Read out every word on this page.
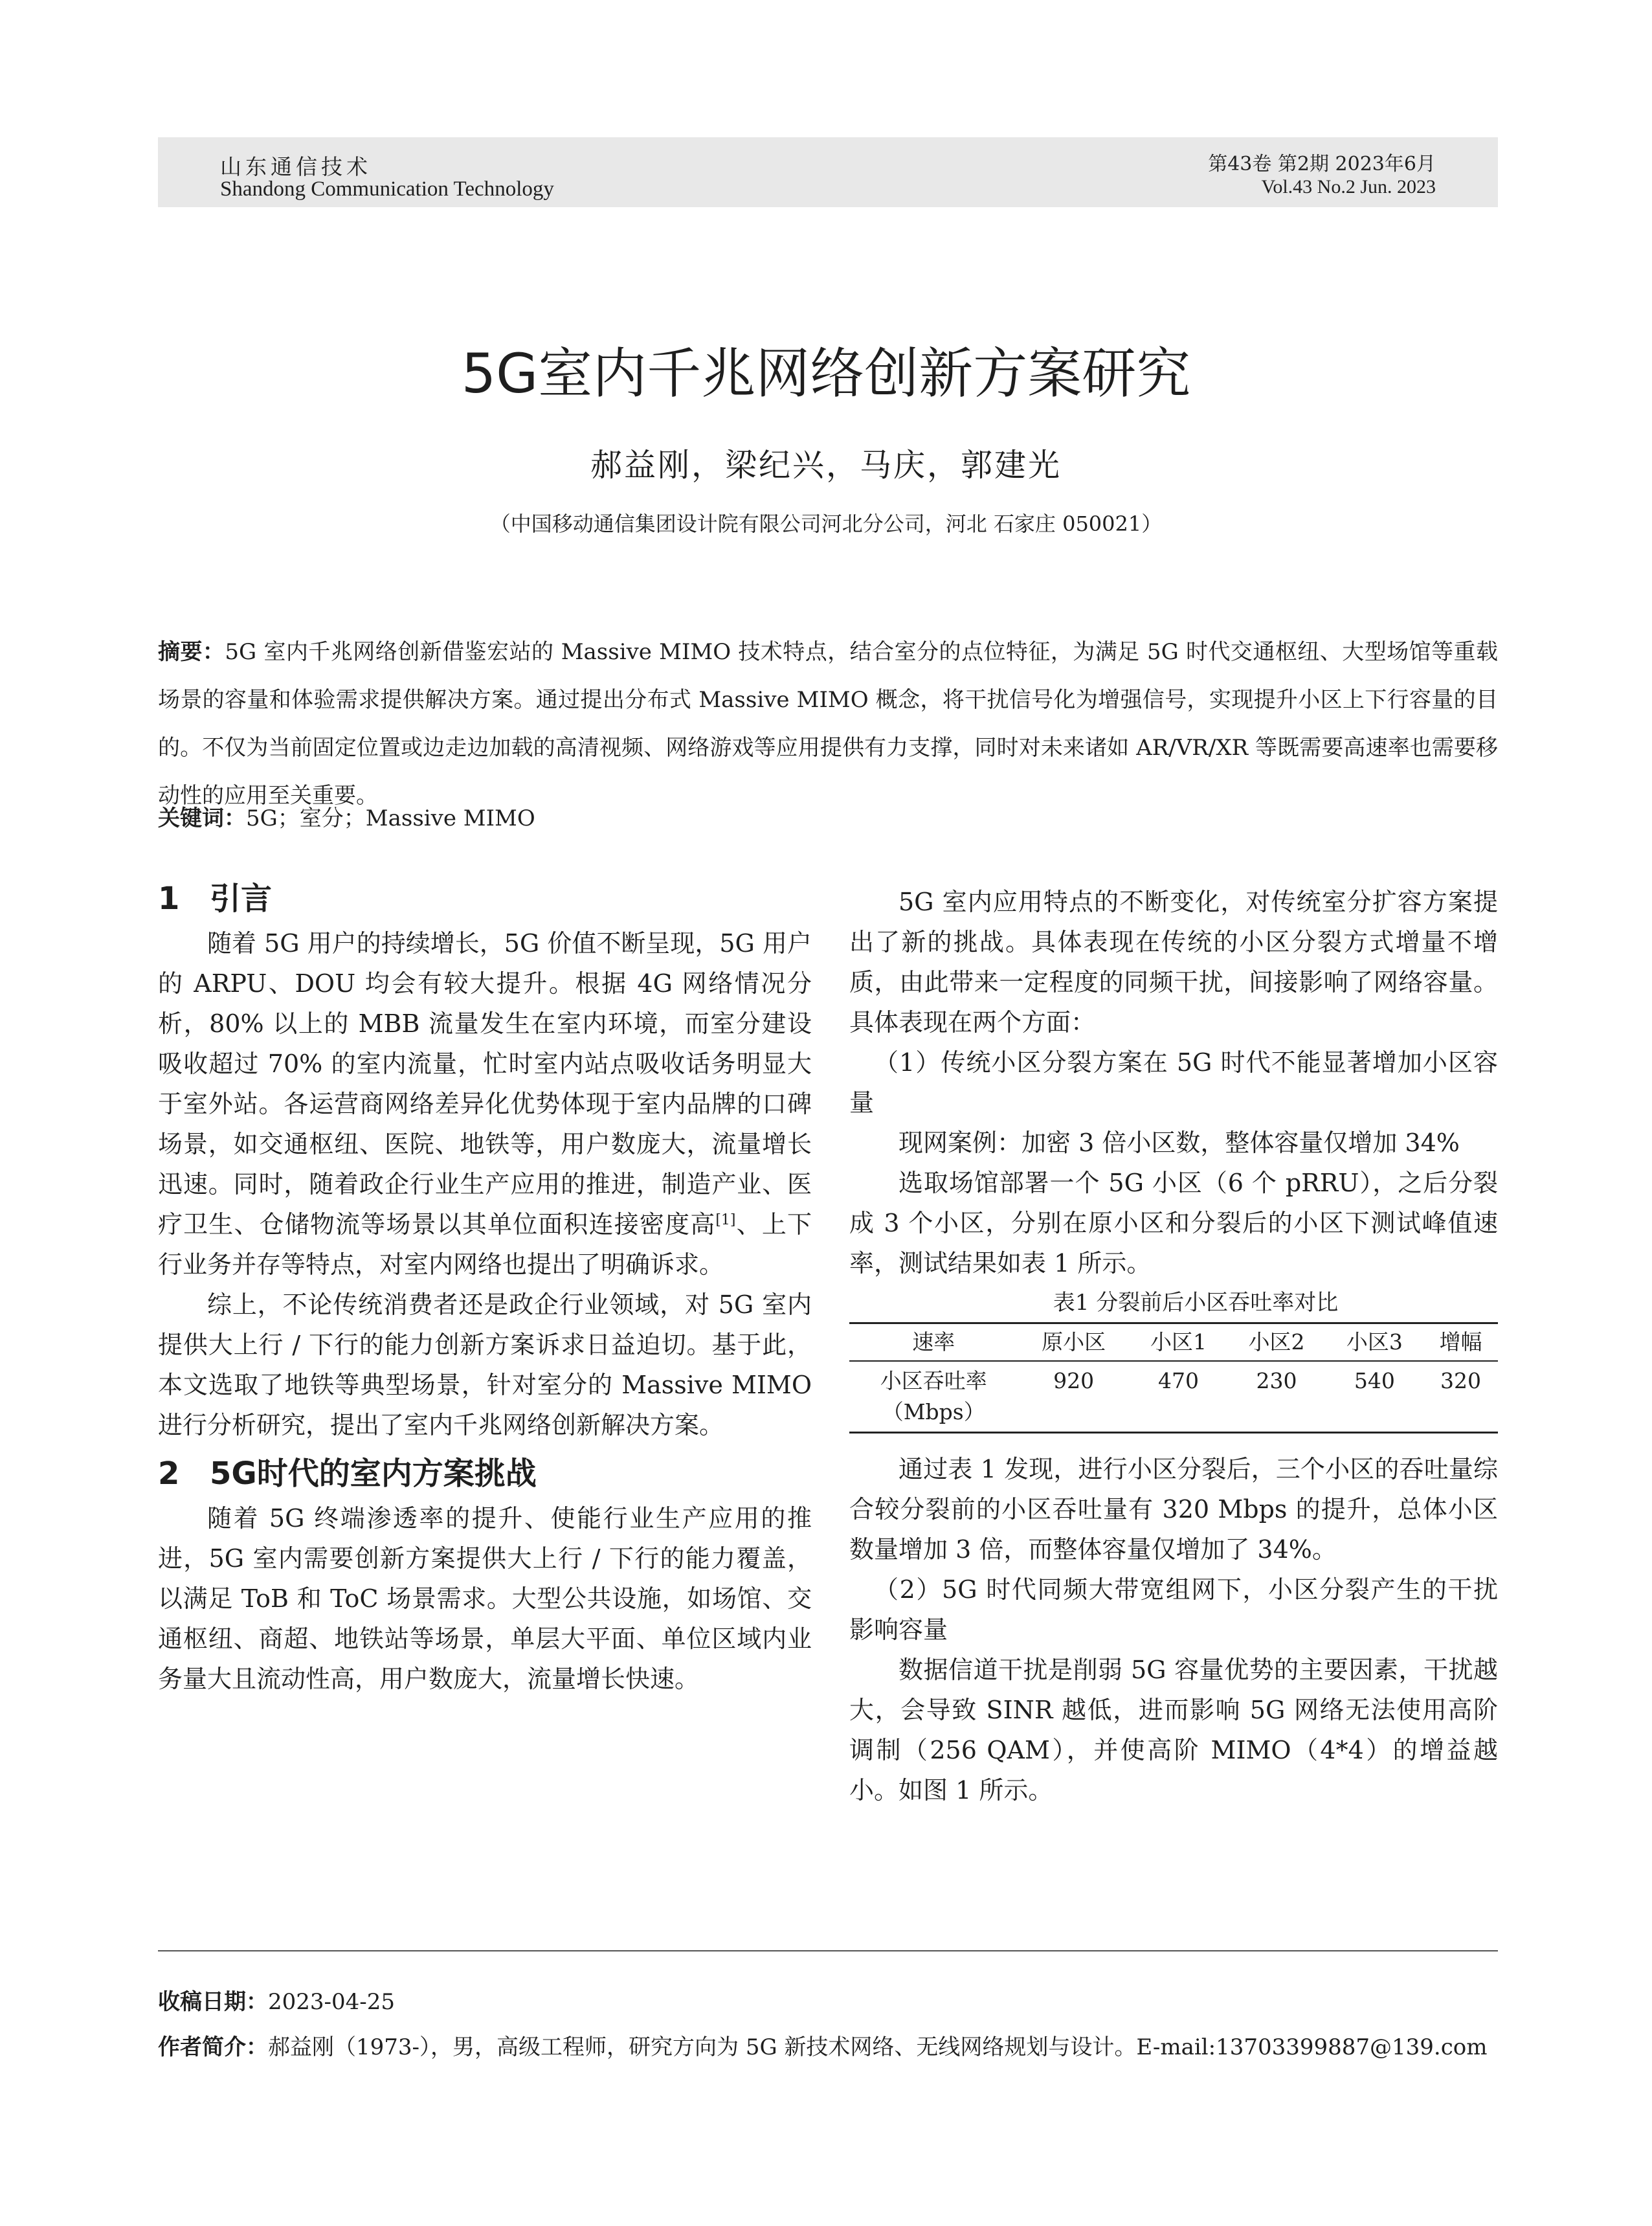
山东通信技术
Shandong Communication Technology
第43卷 第2期 2023年6月
Vol.43 No.2 Jun. 2023
5G室内千兆网络创新方案研究
郝益刚，梁纪兴，马庆，郭建光
（中国移动通信集团设计院有限公司河北分公司，河北 石家庄 050021）
摘要：5G 室内千兆网络创新借鉴宏站的 Massive MIMO 技术特点，结合室分的点位特征，为满足 5G 时代交通枢纽、大型场馆等重载场景的容量和体验需求提供解决方案。通过提出分布式 Massive MIMO 概念，将干扰信号化为增强信号，实现提升小区上下行容量的目的。不仅为当前固定位置或边走边加载的高清视频、网络游戏等应用提供有力支撑，同时对未来诸如 AR/VR/XR 等既需要高速率也需要移动性的应用至关重要。
关键词：5G；室分；Massive MIMO
1 引言

随着 5G 用户的持续增长，5G 价值不断呈现，5G 用户的 ARPU、DOU 均会有较大提升。根据 4G 网络情况分析，80% 以上的 MBB 流量发生在室内环境，而室分建设吸收超过 70% 的室内流量，忙时室内站点吸收话务明显大于室外站。各运营商网络差异化优势体现于室内品牌的口碑场景，如交通枢纽、医院、地铁等，用户数庞大，流量增长迅速。同时，随着政企行业生产应用的推进，制造产业、医疗卫生、仓储物流等场景以其单位面积连接密度高[1]、上下行业务并存等特点，对室内网络也提出了明确诉求。

综上，不论传统消费者还是政企行业领域，对 5G 室内提供大上行 / 下行的能力创新方案诉求日益迫切。基于此，本文选取了地铁等典型场景，针对室分的 Massive MIMO 进行分析研究，提出了室内千兆网络创新解决方案。

2 5G时代的室内方案挑战

随着 5G 终端渗透率的提升、使能行业生产应用的推进，5G 室内需要创新方案提供大上行 / 下行的能力覆盖，以满足 ToB 和 ToC 场景需求。大型公共设施，如场馆、交通枢纽、商超、地铁站等场景，单层大平面、单位区域内业务量大且流动性高，用户数庞大，流量增长快速。

5G 室内应用特点的不断变化，对传统室分扩容方案提出了新的挑战。具体表现在传统的小区分裂方式增量不增质，由此带来一定程度的同频干扰，间接影响了网络容量。具体表现在两个方面：

（1）传统小区分裂方案在 5G 时代不能显著增加小区容量

现网案例：加密 3 倍小区数，整体容量仅增加 34%

选取场馆部署一个 5G 小区（6 个 pRRU），之后分裂成 3 个小区，分别在原小区和分裂后的小区下测试峰值速率，测试结果如表 1 所示。

表1 分裂前后小区吞吐率对比

速率	原小区	小区1	小区2	小区3	增幅
小区吞吐率
（Mbps）	920	470	230	540	320

通过表 1 发现，进行小区分裂后，三个小区的吞吐量综合较分裂前的小区吞吐量有 320 Mbps 的提升，总体小区数量增加 3 倍，而整体容量仅增加了 34%。

（2）5G 时代同频大带宽组网下，小区分裂产生的干扰影响容量

数据信道干扰是削弱 5G 容量优势的主要因素，干扰越大，会导致 SINR 越低，进而影响 5G 网络无法使用高阶调制（256 QAM），并使高阶 MIMO（4*4）的增益越小。如图 1 所示。

收稿日期：2023-04-25
作者简介：郝益刚（1973-），男，高级工程师，研究方向为 5G 新技术网络、无线网络规划与设计。E-mail:13703399887@139.com
